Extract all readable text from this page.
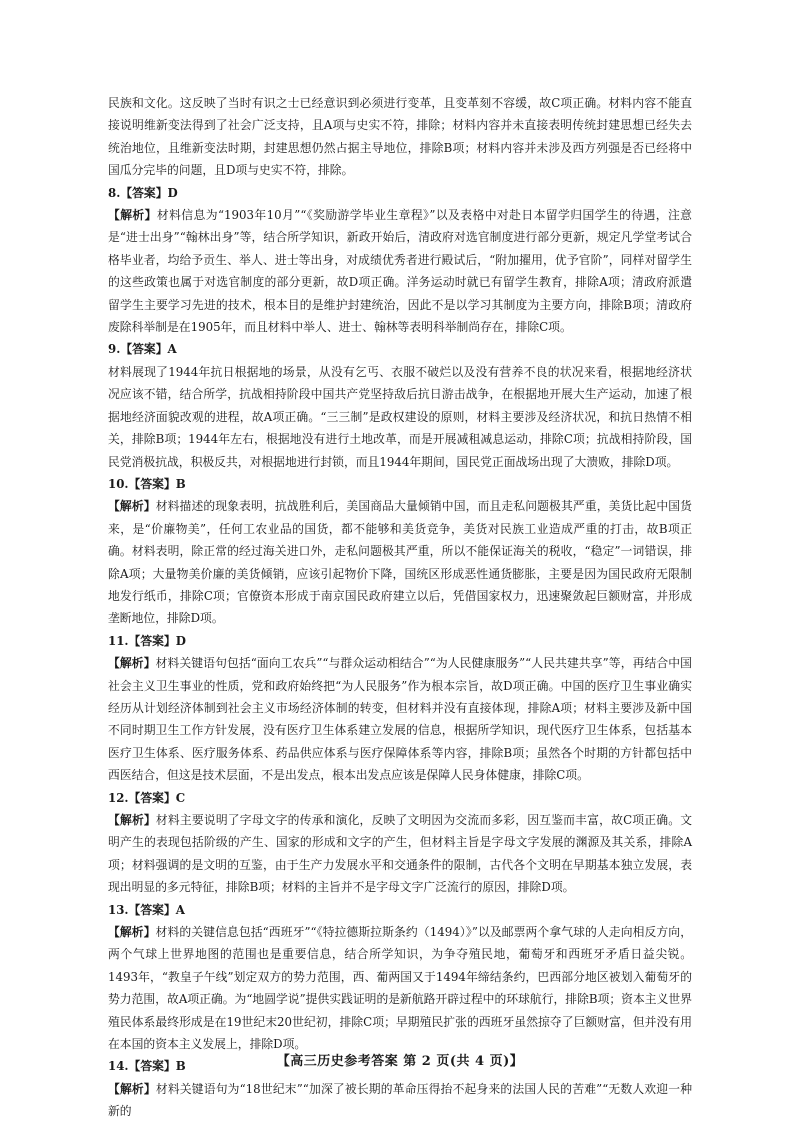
民族和文化。这反映了当时有识之士已经意识到必须进行变革，且变革刻不容缓，故C项正确。材料内容不能直接说明维新变法得到了社会广泛支持，且A项与史实不符，排除；材料内容并未直接表明传统封建思想已经失去统治地位，且维新变法时期，封建思想仍然占据主导地位，排除B项；材料内容并未涉及西方列强是否已经将中国瓜分完毕的问题，且D项与史实不符，排除。

8.【答案】D

【解析】材料信息为“1903年10月”“《奖励游学毕业生章程》”以及表格中对赴日本留学归国学生的待遇，注意是“进士出身”“翰林出身”等，结合所学知识，新政开始后，清政府对选官制度进行部分更新，规定凡学堂考试合格毕业者，均给予贡生、举人、进士等出身，对成绩优秀者进行殿试后，“附加擢用，优予官阶”，同样对留学生的这些政策也属于对选官制度的部分更新，故D项正确。洋务运动时就已有留学生教育，排除A项；清政府派遣留学生主要学习先进的技术，根本目的是维护封建统治，因此不是以学习其制度为主要方向，排除B项；清政府废除科举制是在1905年，而且材料中举人、进士、翰林等表明科举制尚存在，排除C项。

9.【答案】A

材料展现了1944年抗日根据地的场景，从没有乞丐、衣服不破烂以及没有营养不良的状况来看，根据地经济状况应该不错，结合所学，抗战相持阶段中国共产党坚持敌后抗日游击战争，在根据地开展大生产运动，加速了根据地经济面貌改观的进程，故A项正确。“三三制”是政权建设的原则，材料主要涉及经济状况，和抗日热情不相关，排除B项；1944年左右，根据地没有进行土地改革，而是开展减租减息运动，排除C项；抗战相持阶段，国民党消极抗战，积极反共，对根据地进行封锁，而且1944年期间，国民党正面战场出现了大溃败，排除D项。

10.【答案】B

【解析】材料描述的现象表明，抗战胜利后，美国商品大量倾销中国，而且走私问题极其严重，美货比起中国货来，是“价廉物美”，任何工农业品的国货，都不能够和美货竞争，美货对民族工业造成严重的打击，故B项正确。材料表明，除正常的经过海关进口外，走私问题极其严重，所以不能保证海关的税收，“稳定”一词错误，排除A项；大量物美价廉的美货倾销，应该引起物价下降，国统区形成恶性通货膨胀，主要是因为国民政府无限制地发行纸币，排除C项；官僚资本形成于南京国民政府建立以后，凭借国家权力，迅速聚敛起巨额财富，并形成垄断地位，排除D项。

11.【答案】D

【解析】材料关键语句包括“面向工农兵”“与群众运动相结合”“为人民健康服务”“人民共建共享”等，再结合中国社会主义卫生事业的性质，党和政府始终把“为人民服务”作为根本宗旨，故D项正确。中国的医疗卫生事业确实经历从计划经济体制到社会主义市场经济体制的转变，但材料并没有直接体现，排除A项；材料主要涉及新中国不同时期卫生工作方针发展，没有医疗卫生体系建立发展的信息，根据所学知识，现代医疗卫生体系，包括基本医疗卫生体系、医疗服务体系、药品供应体系与医疗保障体系等内容，排除B项；虽然各个时期的方针都包括中西医结合，但这是技术层面，不是出发点，根本出发点应该是保障人民身体健康，排除C项。

12.【答案】C

【解析】材料主要说明了字母文字的传承和演化，反映了文明因为交流而多彩，因互鉴而丰富，故C项正确。文明产生的表现包括阶级的产生、国家的形成和文字的产生，但材料主旨是字母文字发展的渊源及其关系，排除A项；材料强调的是文明的互鉴，由于生产力发展水平和交通条件的限制，古代各个文明在早期基本独立发展，表现出明显的多元特征，排除B项；材料的主旨并不是字母文字广泛流行的原因，排除D项。

13.【答案】A

【解析】材料的关键信息包括“西班牙”“《特拉德斯拉斯条约（1494）》”以及邮票两个拿气球的人走向相反方向，两个气球上世界地图的范围也是重要信息，结合所学知识，为争夺殖民地，葡萄牙和西班牙矛盾日益尖锐。1493年，“教皇子午线”划定双方的势力范围，西、葡两国又于1494年缔结条约，巴西部分地区被划入葡萄牙的势力范围，故A项正确。为“地圆学说”提供实践证明的是新航路开辟过程中的环球航行，排除B项；资本主义世界殖民体系最终形成是在19世纪末20世纪初，排除C项；早期殖民扩张的西班牙虽然掠夺了巨额财富，但并没有用在本国的资本主义发展上，排除D项。

14.【答案】B

【解析】材料关键语句为“18世纪末”“加深了被长期的革命压得抬不起身来的法国人民的苦难”“无数人欢迎一种新的

【高三历史参考答案 第 2 页(共 4 页)】
